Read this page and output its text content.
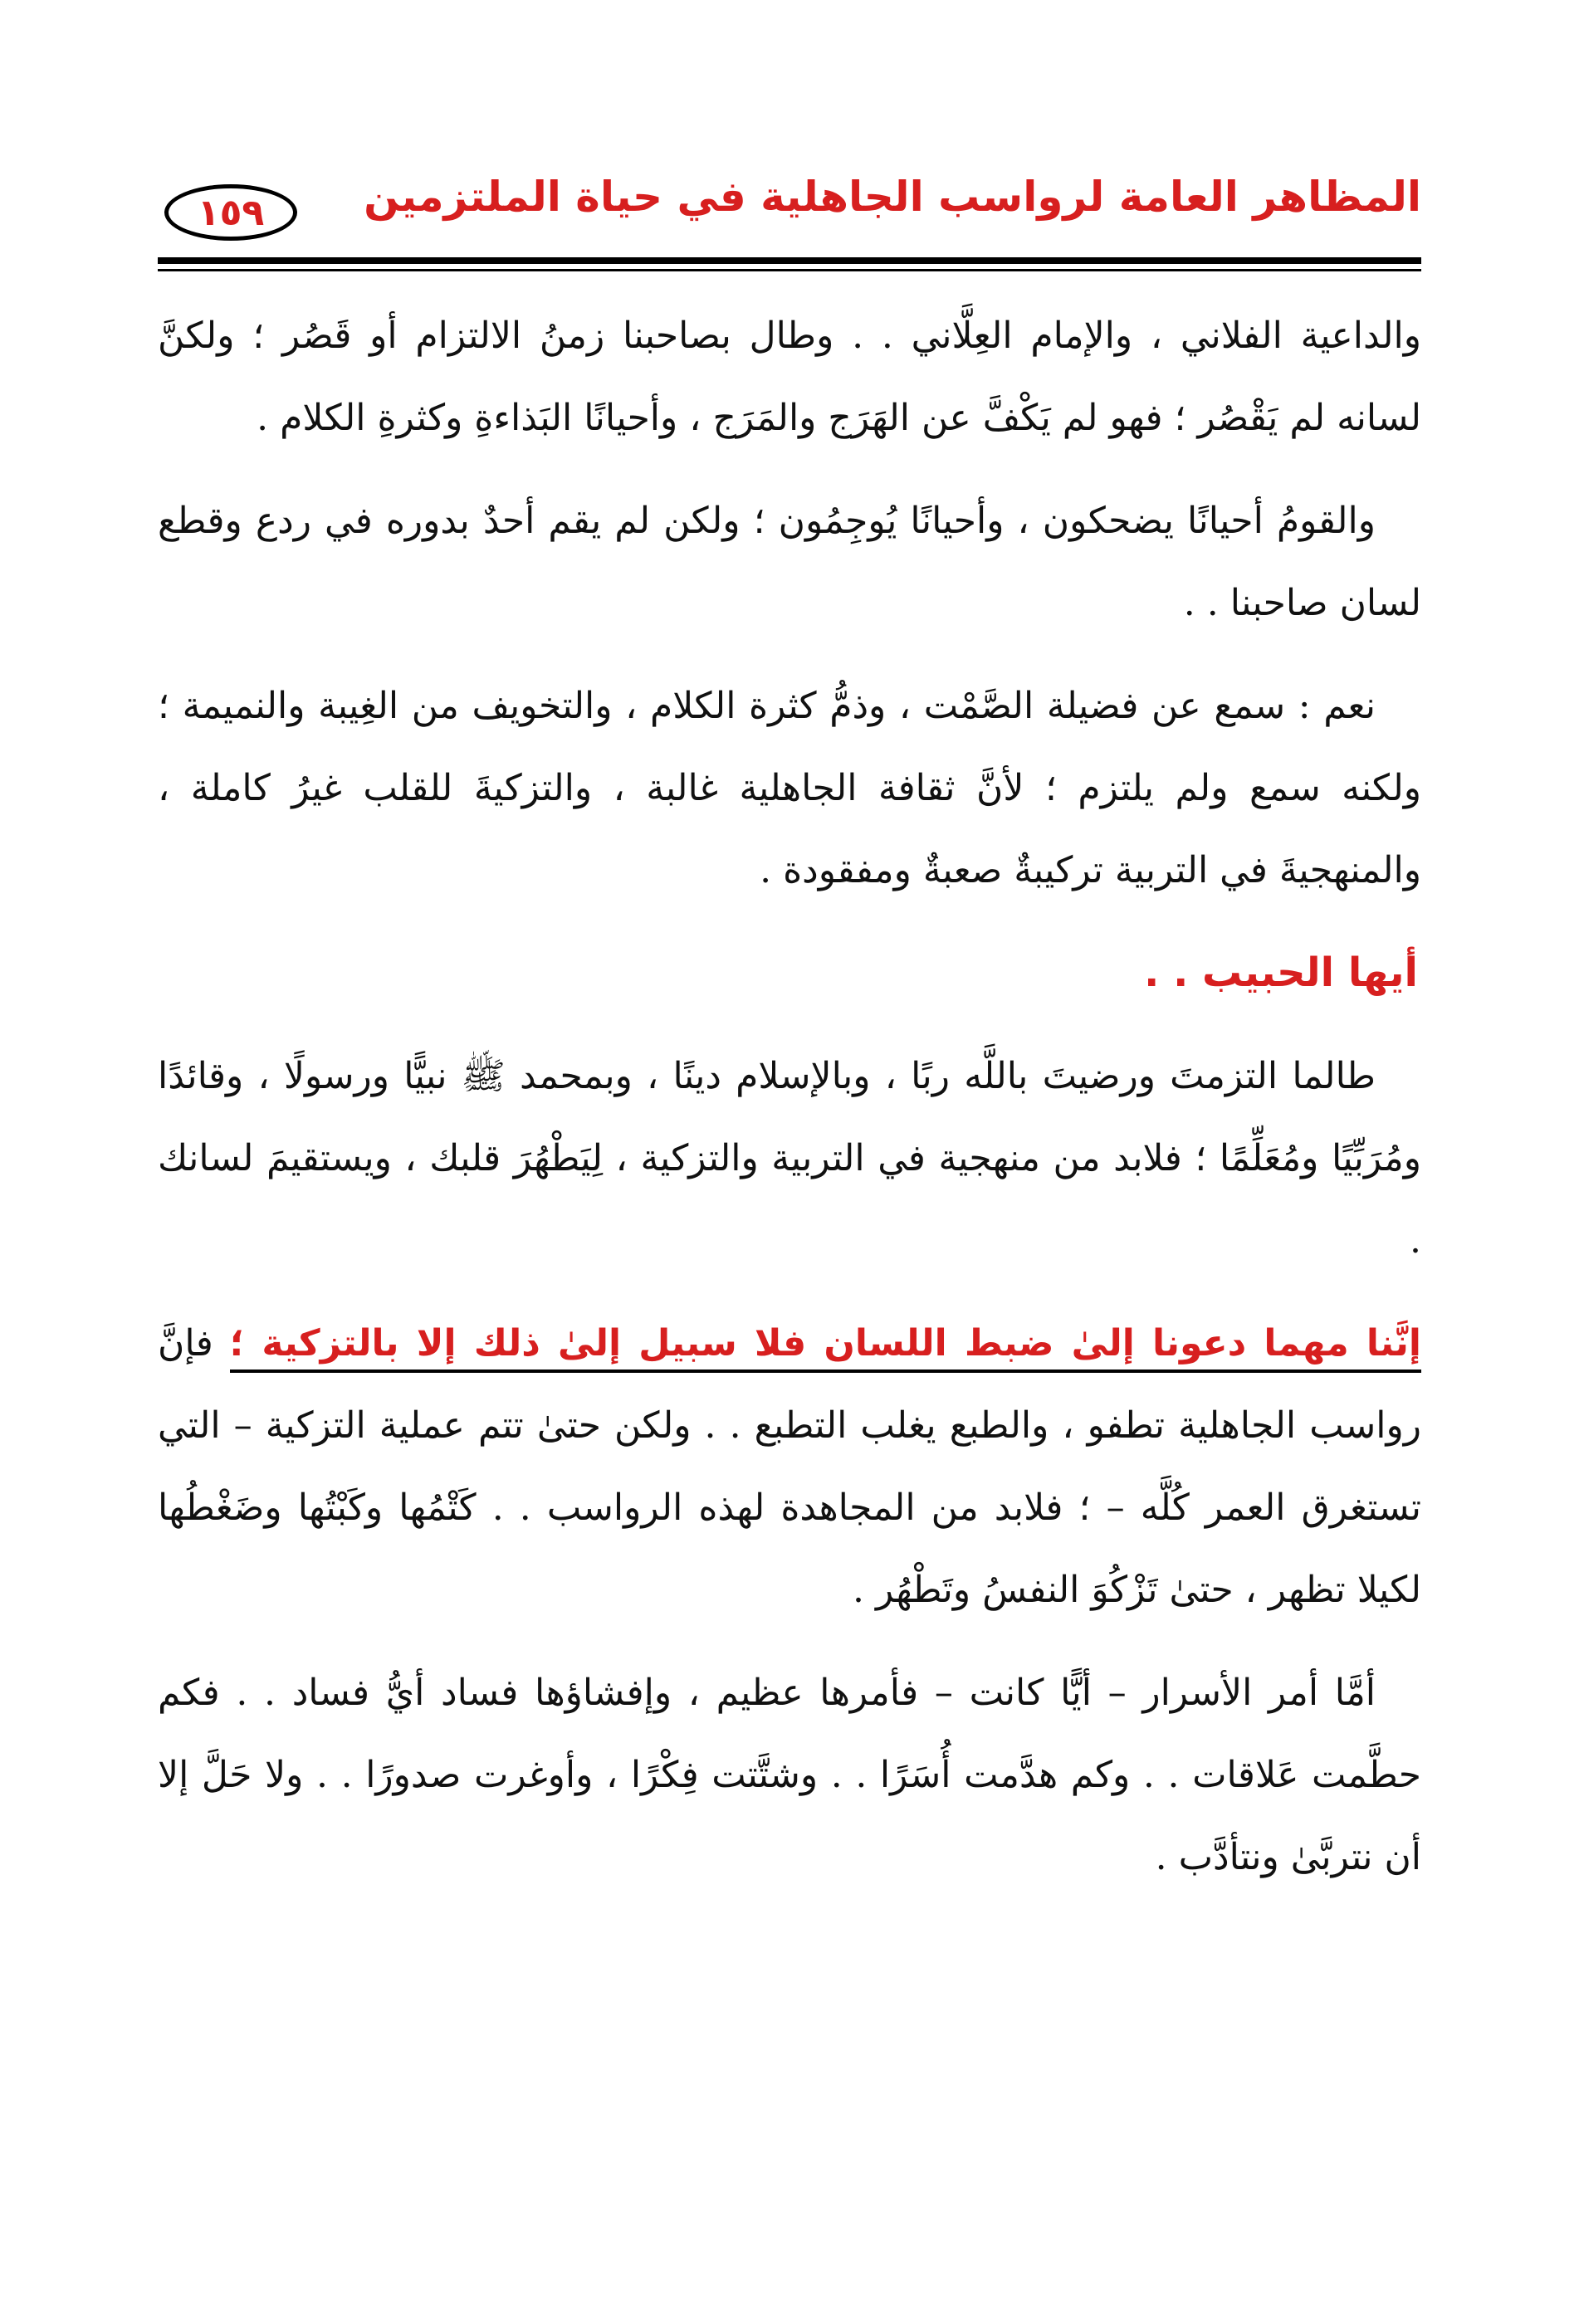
المظاهر العامة لرواسب الجاهلية في حياة الملتزمين
١٥٩

والداعية الفلاني ، والإمام العِلَّاني . . وطال بصاحبنا زمنُ الالتزام أو قَصُر ؛ ولكنَّ لسانه لم يَقْصُر ؛ فهو لم يَكْفَّ عن الهَرَج والمَرَج ، وأحيانًا البَذاءةِ وكثرةِ الكلام .

والقومُ أحيانًا يضحكون ، وأحيانًا يُوجِمُون ؛ ولكن لم يقم أحدٌ بدوره في ردع وقطع لسان صاحبنا . .

نعم : سمع عن فضيلة الصَّمْت ، وذمُّ كثرة الكلام ، والتخويف من الغِيبة والنميمة ؛ ولكنه سمع ولم يلتزم ؛ لأنَّ ثقافة الجاهلية غالبة ، والتزكيةَ للقلب غيرُ كاملة ، والمنهجيةَ في التربية تركيبةٌ صعبةٌ ومفقودة .

أيها الحبيب . .

طالما التزمتَ ورضيتَ باللَّه ربًا ، وبالإسلام دينًا ، وبمحمد ﷺ نبيًّا ورسولًا ، وقائدًا ومُرَبِّيًا ومُعَلِّمًا ؛ فلابد من منهجية في التربية والتزكية ، لِيَطْهُرَ قلبك ، ويستقيمَ لسانك .

إنَّنا مهما دعونا إلىٰ ضبط اللسان فلا سبيل إلىٰ ذلك إلا بالتزكية ؛ فإنَّ رواسب الجاهلية تطفو ، والطبع يغلب التطبع . . ولكن حتىٰ تتم عملية التزكية – التي تستغرق العمر كُلَّه – ؛ فلابد من المجاهدة لهذه الرواسب . . كَتْمُها وكَبْتُها وضَغْطُها لكيلا تظهر ، حتىٰ تَزْكُوَ النفسُ وتَطْهُر .

أمَّا أمر الأسرار – أيًّا كانت – فأمرها عظيم ، وإفشاؤها فساد أيُّ فساد . . فكم حطَّمت عَلاقات . . وكم هدَّمت أُسَرًا . . وشتَّتت فِكْرًا ، وأوغرت صدورًا . . ولا حَلَّ إلا أن نتربَّىٰ ونتأدَّب .
